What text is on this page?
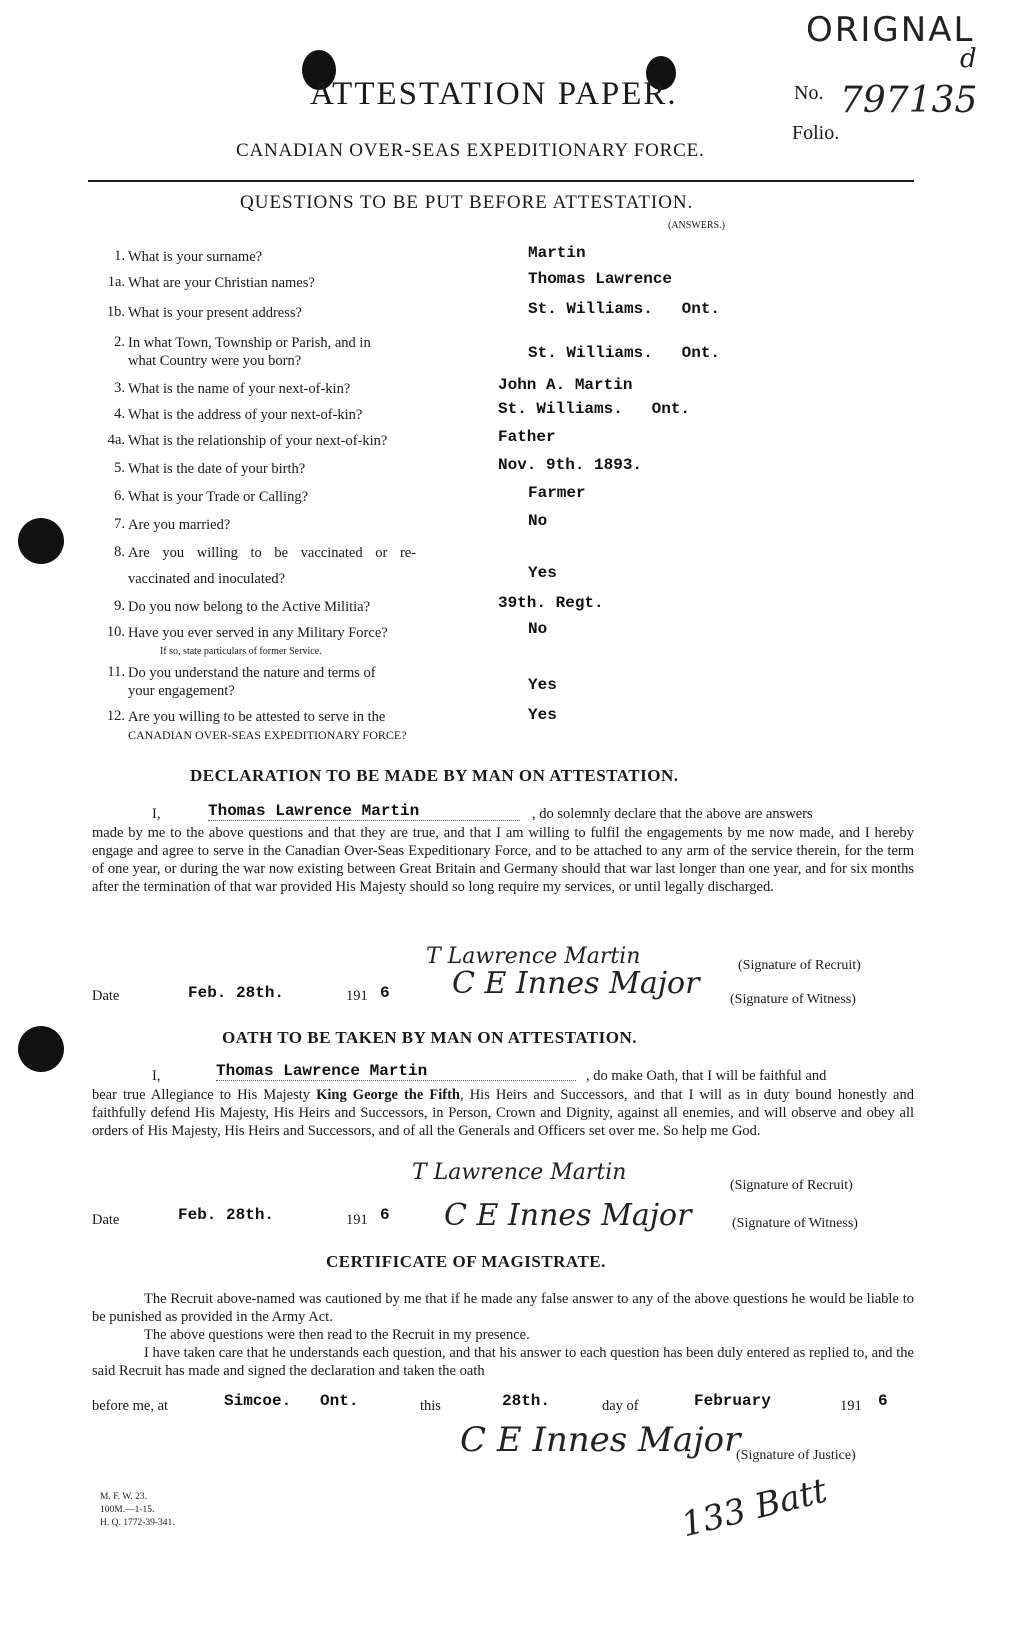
ORIGNAL
d
ATTESTATION PAPER.	No. 797135
Folio.
CANADIAN OVER-SEAS EXPEDITIONARY FORCE.
QUESTIONS TO BE PUT BEFORE ATTESTATION.
(ANSWERS.)
1. What is your surname?	Martin
1a. What are your Christian names?	Thomas Lawrence
1b. What is your present address?	St. Williams.   Ont.
2. In what Town, Township or Parish, and in
what Country were you born?	St. Williams.   Ont.
3. What is the name of your next-of-kin?	John A. Martin
4. What is the address of your next-of-kin?	St. Williams.   Ont.
4a. What is the relationship of your next-of-kin?	Father
5. What is the date of your birth?	Nov. 9th. 1893.
6. What is your Trade or Calling?	Farmer
7. Are you married?	No
8. Are you willing to be vaccinated or re-
vaccinated and inoculated?	Yes
9. Do you now belong to the Active Militia?	39th. Regt.
10. Have you ever served in any Military Force?
If so, state particulars of former Service.
No
11. Do you understand the nature and terms of
your engagement?	Yes
12. Are you willing to be attested to serve in the
CANADIAN OVER-SEAS EXPEDITIONARY FORCE?
Yes
DECLARATION TO BE MADE BY MAN ON ATTESTATION.
I,	Thomas Lawrence Martin	, do solemnly declare that the above are answers
made by me to the above questions and that they are true, and that I am willing to fulfil the engagements by me now made, and I hereby engage and agree to serve in the Canadian Over-Seas Expeditionary Force, and to be attached to any arm of the service therein, for the term of one year, or during the war now existing between Great Britain and Germany should that war last longer than one year, and for six months after the termination of that war provided His Majesty should so long require my services, or until legally discharged.
T Lawrence Martin	(Signature of Recruit)
Date	Feb. 28th.	191 6 C E Innes Major (Signature of Witness)
OATH TO BE TAKEN BY MAN ON ATTESTATION.
I,	Thomas Lawrence Martin	, do make Oath, that I will be faithful and
bear true Allegiance to His Majesty King George the Fifth, His Heirs and Successors, and that I will as in duty bound honestly and faithfully defend His Majesty, His Heirs and Successors, in Person, Crown and Dignity, against all enemies, and will observe and obey all orders of His Majesty, His Heirs and Successors, and of all the Generals and Officers set over me. So help me God.
T Lawrence Martin
(Signature of Recruit)
Date	Feb. 28th.	191 6 C E Innes Major	(Signature of Witness)
CERTIFICATE OF MAGISTRATE.
The Recruit above-named was cautioned by me that if he made any false answer to any of the above questions he would be liable to be punished as provided in the Army Act.
The above questions were then read to the Recruit in my presence.
I have taken care that he understands each question, and that his answer to each question has been duly entered as replied to, and the said Recruit has made and signed the declaration and taken the oath
before me, at	Simcoe.   Ont.	this	28th.	day of	February	191 6
C E Innes Major
(Signature of Justice)
133 Batt
M. F. W. 23.
100M.—1-15.
H. Q. 1772-39-341.
